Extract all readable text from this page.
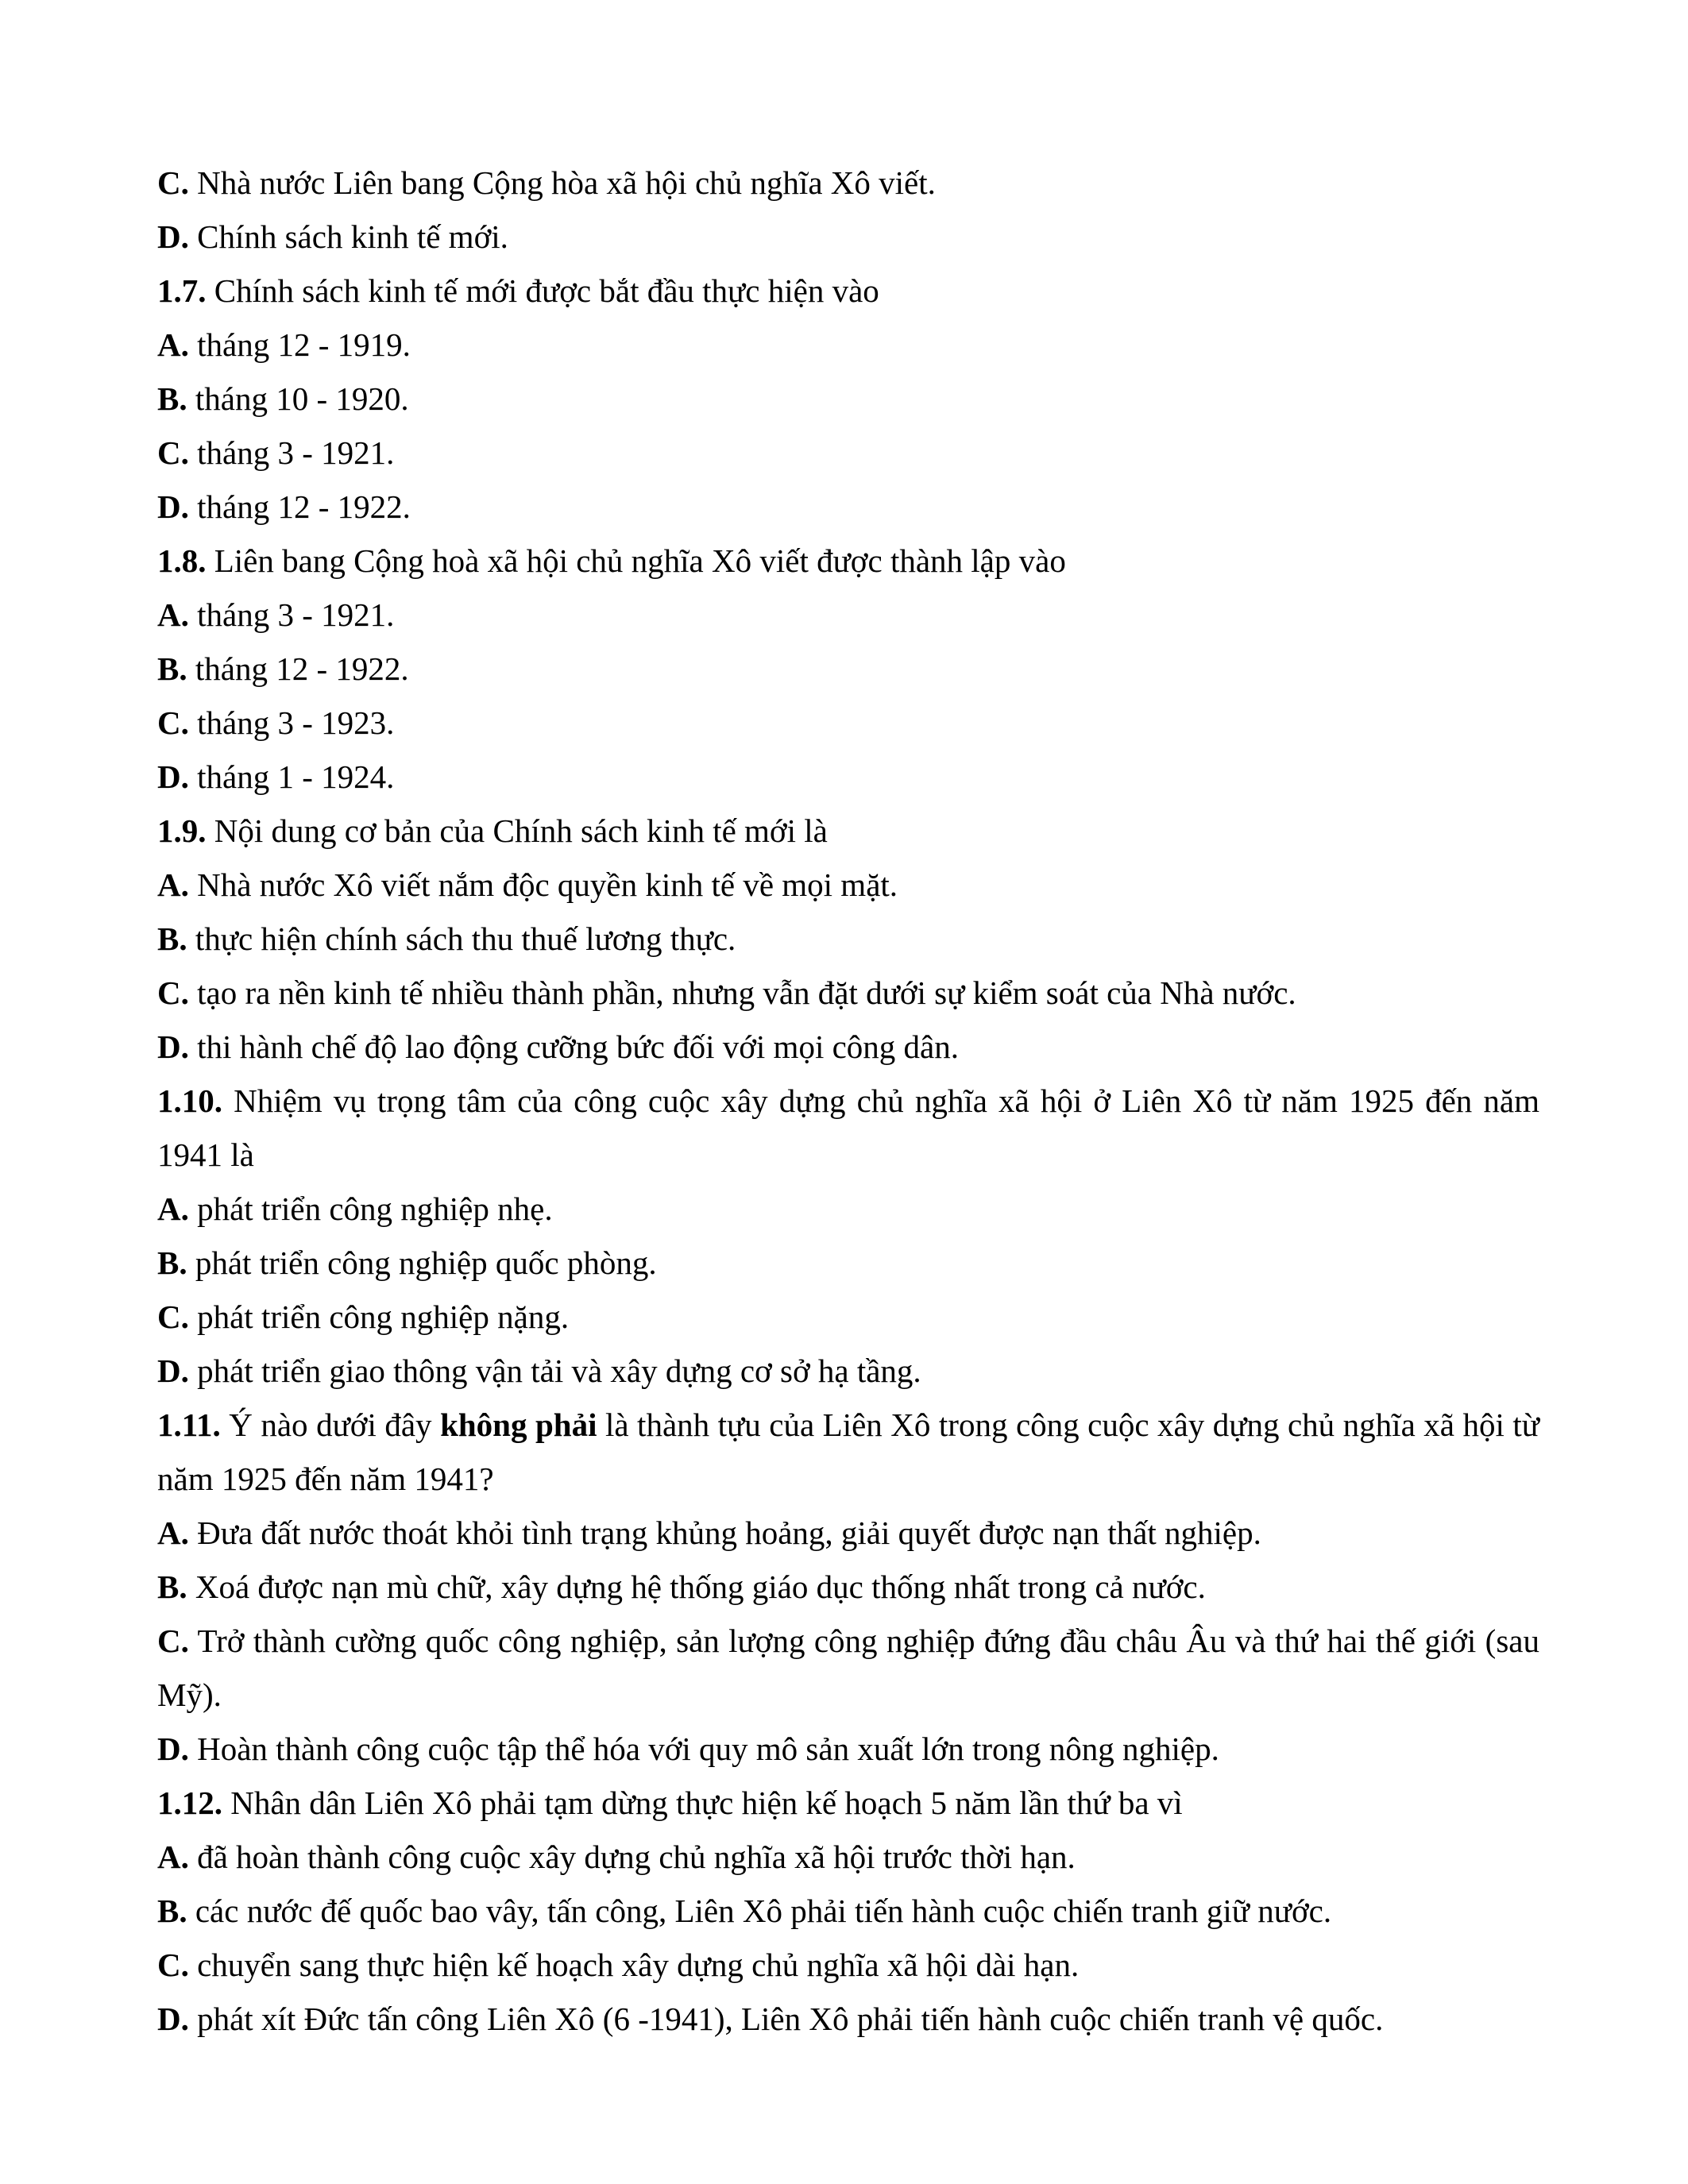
C. Nhà nước Liên bang Cộng hòa xã hội chủ nghĩa Xô viết.
D. Chính sách kinh tế mới.
1.7. Chính sách kinh tế mới được bắt đầu thực hiện vào
A. tháng 12 - 1919.
B. tháng 10 - 1920.
C. tháng 3 - 1921.
D. tháng 12 - 1922.
1.8. Liên bang Cộng hoà xã hội chủ nghĩa Xô viết được thành lập vào
A. tháng 3 - 1921.
B. tháng 12 - 1922.
C. tháng 3 - 1923.
D. tháng 1 - 1924.
1.9. Nội dung cơ bản của Chính sách kinh tế mới là
A. Nhà nước Xô viết nắm độc quyền kinh tế về mọi mặt.
B. thực hiện chính sách thu thuế lương thực.
C. tạo ra nền kinh tế nhiều thành phần, nhưng vẫn đặt dưới sự kiểm soát của Nhà nước.
D. thi hành chế độ lao động cưỡng bức đối với mọi công dân.
1.10. Nhiệm vụ trọng tâm của công cuộc xây dựng chủ nghĩa xã hội ở Liên Xô từ năm 1925 đến năm 1941 là
A. phát triển công nghiệp nhẹ.
B. phát triển công nghiệp quốc phòng.
C. phát triển công nghiệp nặng.
D. phát triển giao thông vận tải và xây dựng cơ sở hạ tầng.
1.11. Ý nào dưới đây không phải là thành tựu của Liên Xô trong công cuộc xây dựng chủ nghĩa xã hội từ năm 1925 đến năm 1941?
A. Đưa đất nước thoát khỏi tình trạng khủng hoảng, giải quyết được nạn thất nghiệp.
B. Xoá được nạn mù chữ, xây dựng hệ thống giáo dục thống nhất trong cả nước.
C. Trở thành cường quốc công nghiệp, sản lượng công nghiệp đứng đầu châu Âu và thứ hai thế giới (sau Mỹ).
D. Hoàn thành công cuộc tập thể hóa với quy mô sản xuất lớn trong nông nghiệp.
1.12. Nhân dân Liên Xô phải tạm dừng thực hiện kế hoạch 5 năm lần thứ ba vì
A. đã hoàn thành công cuộc xây dựng chủ nghĩa xã hội trước thời hạn.
B. các nước đế quốc bao vây, tấn công, Liên Xô phải tiến hành cuộc chiến tranh giữ nước.
C. chuyển sang thực hiện kế hoạch xây dựng chủ nghĩa xã hội dài hạn.
D. phát xít Đức tấn công Liên Xô (6 -1941), Liên Xô phải tiến hành cuộc chiến tranh vệ quốc.
